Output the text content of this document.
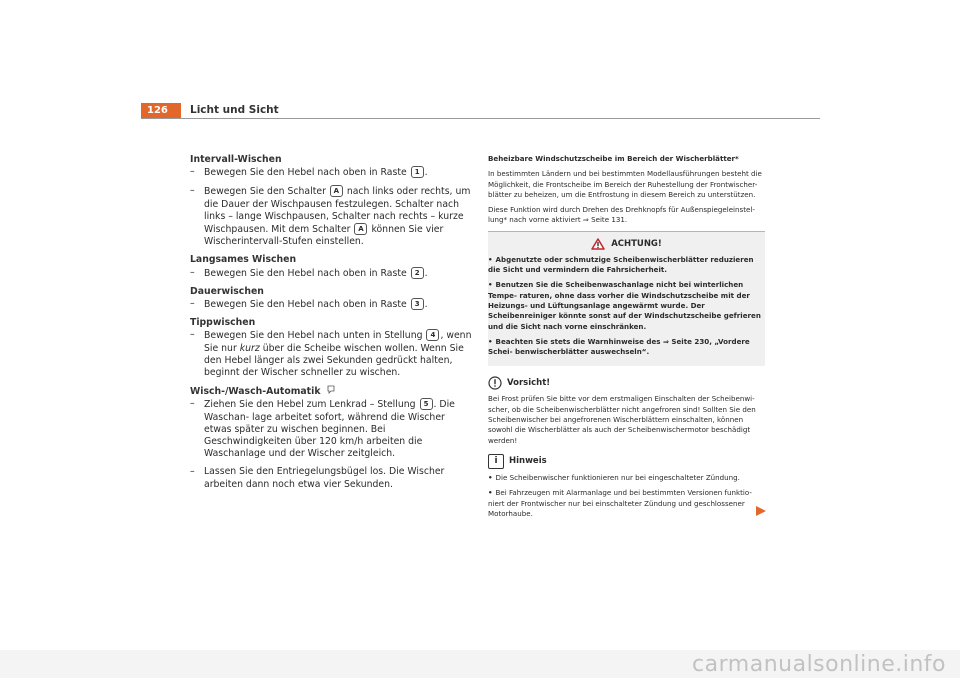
126	Licht und Sicht

Intervall-Wischen

– Bewegen Sie den Hebel nach oben in Raste 1 .
– Bewegen Sie den Schalter A nach links oder rechts, um die Dauer der Wischpausen festzulegen. Schalter nach links – lange Wischpausen, Schalter nach rechts – kurze Wischpausen. Mit dem Schalter A können Sie vier Wischerintervall-Stufen einstellen.

Langsames Wischen

– Bewegen Sie den Hebel nach oben in Raste 2 .

Dauerwischen

– Bewegen Sie den Hebel nach oben in Raste 3 .

Tippwischen

– Bewegen Sie den Hebel nach unten in Stellung 4 , wenn Sie nur kurz über die Scheibe wischen wollen. Wenn Sie den Hebel länger als zwei Sekunden gedrückt halten, beginnt der Wischer schneller zu wischen.

Wisch-/Wasch-Automatik

– Ziehen Sie den Hebel zum Lenkrad – Stellung 5 . Die Waschan- lage arbeitet sofort, während die Wischer etwas später zu wischen beginnen. Bei Geschwindigkeiten über 120 km/h arbeiten die Waschanlage und der Wischer zeitgleich.
– Lassen Sie den Entriegelungsbügel los. Die Wischer arbeiten dann noch etwa vier Sekunden.

Beheizbare Windschutzscheibe im Bereich der Wischerblätter*

In bestimmten Ländern und bei bestimmten Modellausführungen besteht die Möglichkeit, die Frontscheibe im Bereich der Ruhestellung der Frontwischer- blätter zu beheizen, um die Entfrostung in diesem Bereich zu unterstützen.

Diese Funktion wird durch Drehen des Drehknopfs für Außenspiegeleinstel- lung* nach vorne aktiviert ⇒ Seite 131.

ACHTUNG!

• Abgenutzte oder schmutzige Scheibenwischerblätter reduzieren die Sicht und vermindern die Fahrsicherheit.

• Benutzen Sie die Scheibenwaschanlage nicht bei winterlichen Tempe- raturen, ohne dass vorher die Windschutzscheibe mit der Heizungs- und Lüftungsanlage angewärmt wurde. Der Scheibenreiniger könnte sonst auf der Windschutzscheibe gefrieren und die Sicht nach vorne einschränken.

• Beachten Sie stets die Warnhinweise des ⇒ Seite 230, „Vordere Schei- benwischerblätter auswechseln“.

Vorsicht!

Bei Frost prüfen Sie bitte vor dem erstmaligen Einschalten der Scheibenwi- scher, ob die Scheibenwischerblätter nicht angefroren sind! Sollten Sie den Scheibenwischer bei angefrorenen Wischerblättern einschalten, können sowohl die Wischerblätter als auch der Scheibenwischermotor beschädigt werden!

i	Hinweis

• Die Scheibenwischer funktionieren nur bei eingeschalteter Zündung.

• Bei Fahrzeugen mit Alarmanlage und bei bestimmten Versionen funktio- niert der Frontwischer nur bei einschalteter Zündung und geschlossener Motorhaube.

carmanualsonline.info
